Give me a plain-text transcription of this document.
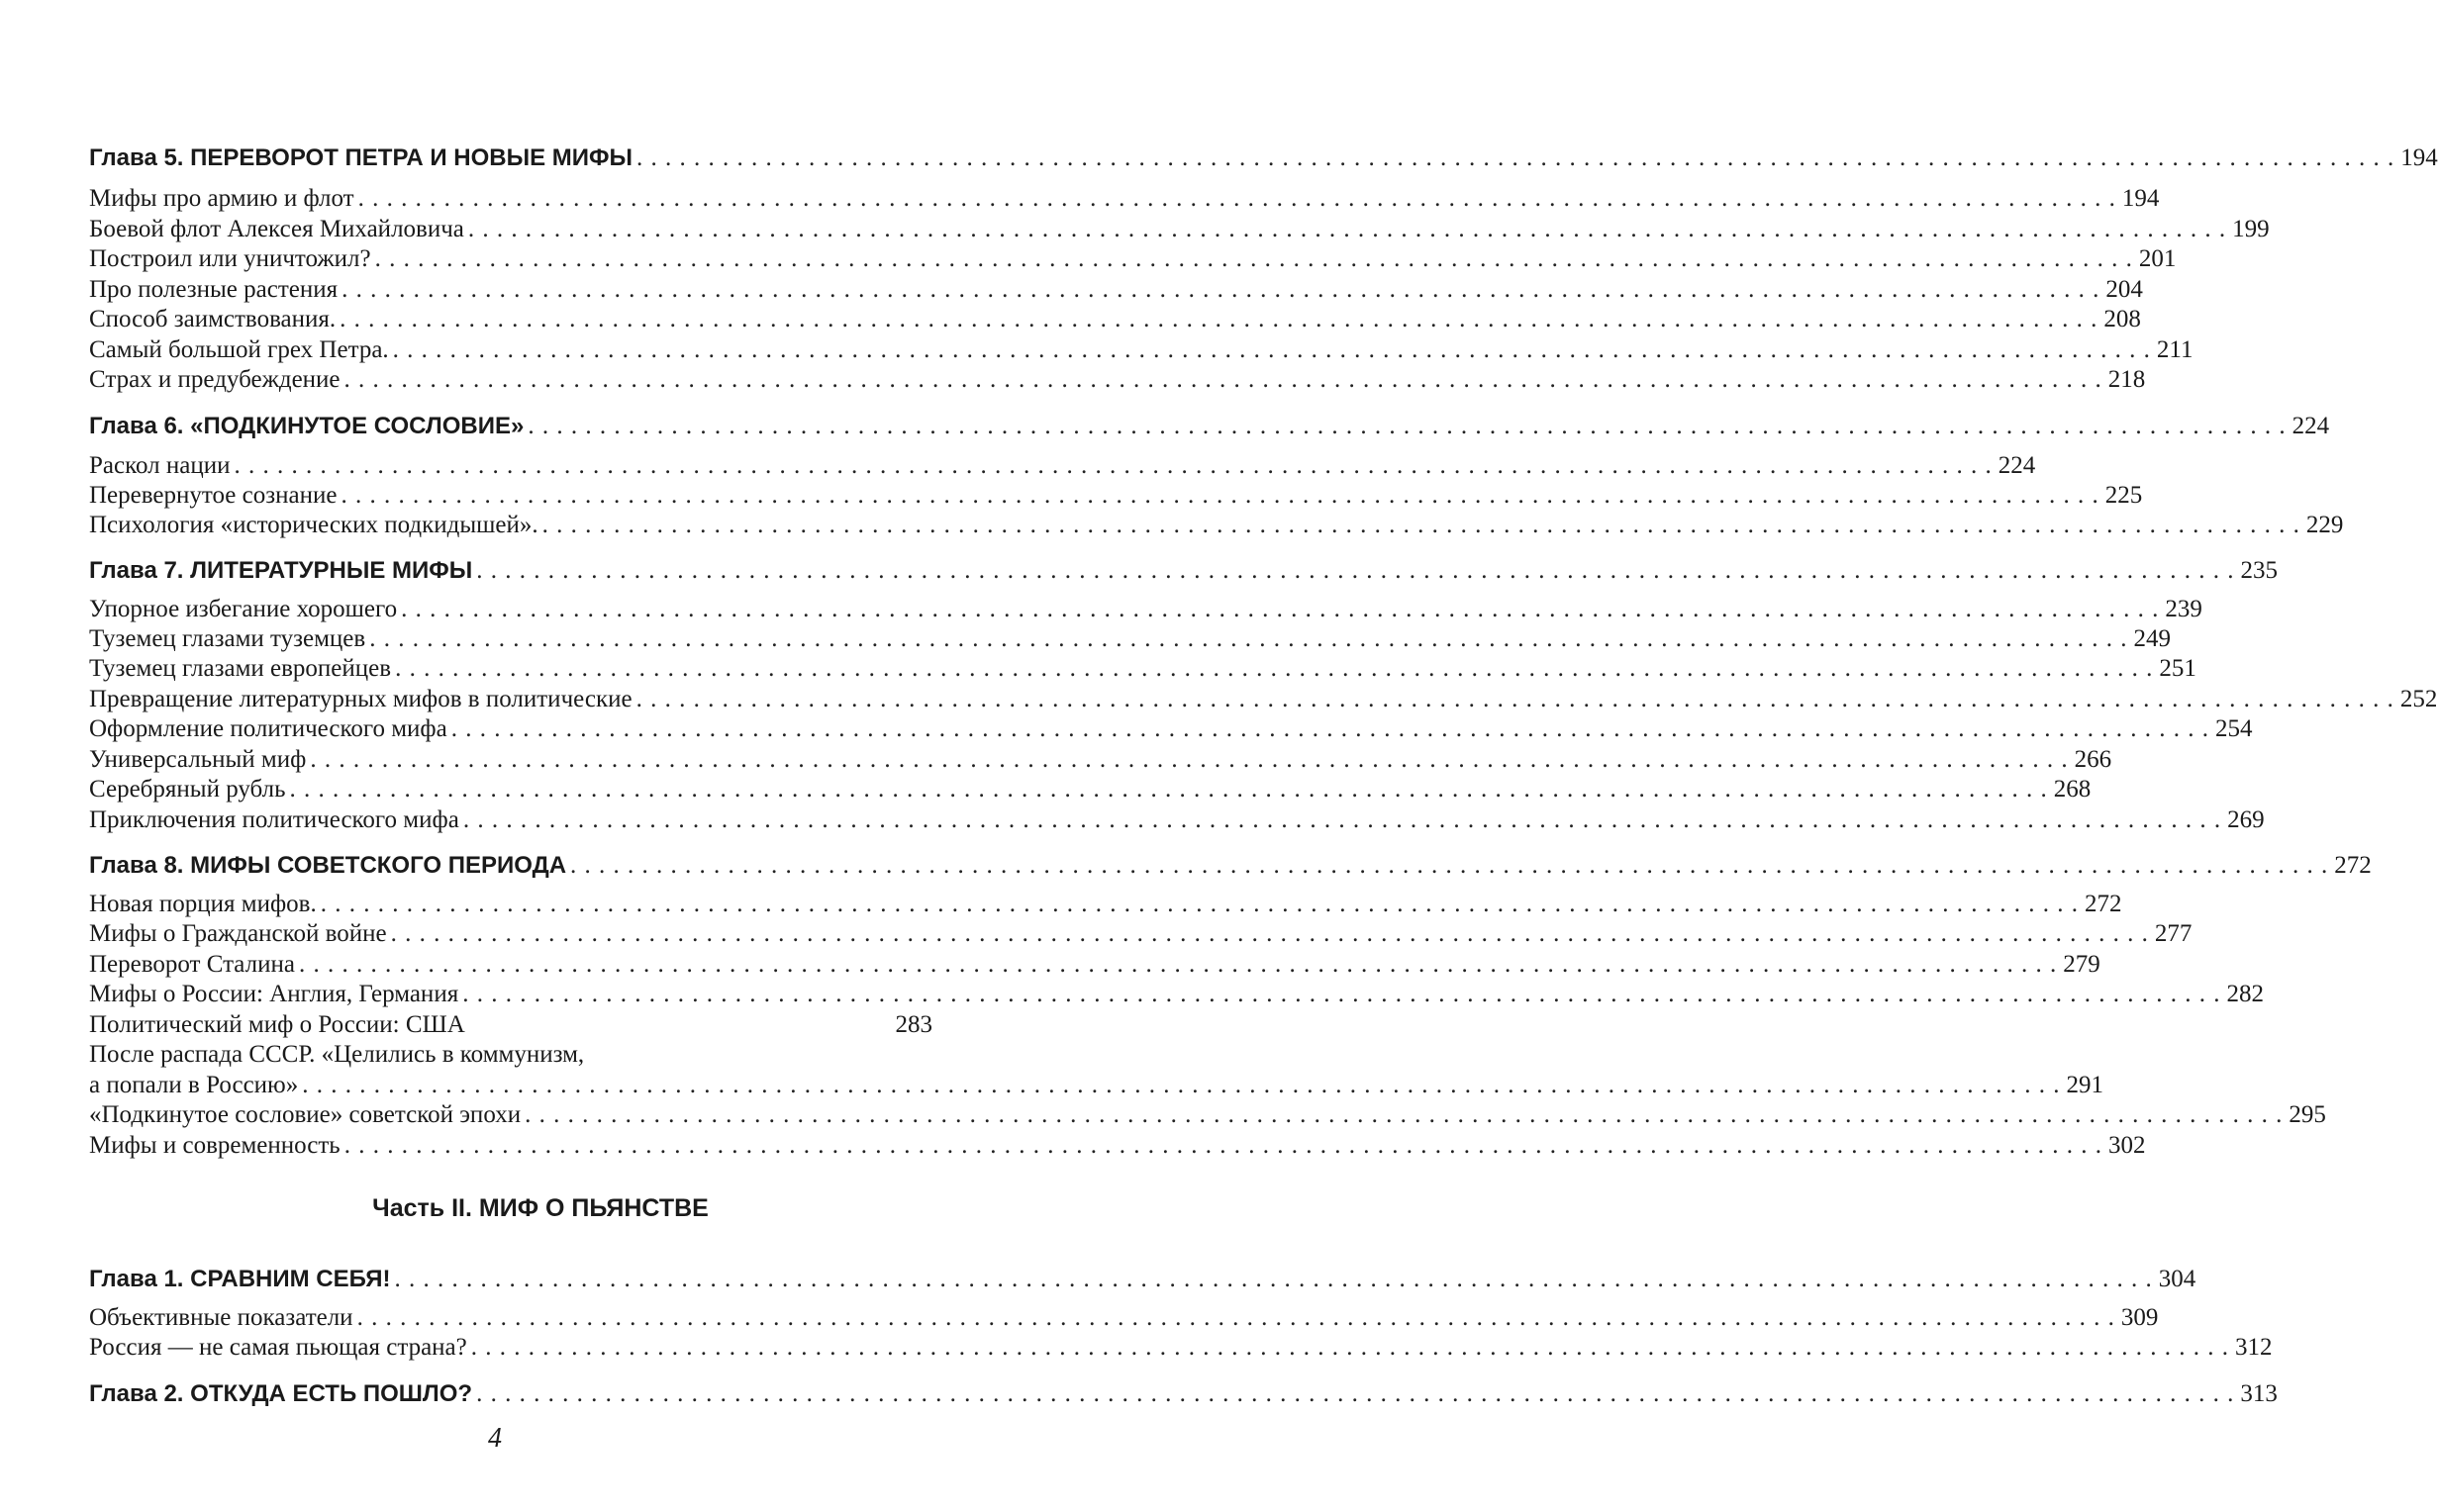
Глава 5. ПЕРЕВОРОТ ПЕТРА И НОВЫЕ МИФЫ . . .	194
Мифы про армию и флот . . .	194
Боевой флот Алексея Михайловича . . .	199
Построил или уничтожил? . . .	201
Про полезные растения . . .	204
Способ заимствования. . . .	208
Самый большой грех Петра. . . .	211
Страх и предубеждение . . .	218
Глава 6. «ПОДКИНУТОЕ СОСЛОВИЕ» . . .	224
Раскол нации . . .	224
Перевернутое сознание . . .	225
Психология «исторических подкидышей». . . .	229
Глава 7. ЛИТЕРАТУРНЫЕ МИФЫ . . .	235
Упорное избегание хорошего . . .	239
Туземец глазами туземцев . . .	249
Туземец глазами европейцев . . .	251
Превращение литературных мифов в политические . . .	252
Оформление политического мифа . . .	254
Универсальный миф . . .	266
Серебряный рубль . . .	268
Приключения политического мифа . . .	269
Глава 8. МИФЫ СОВЕТСКОГО ПЕРИОДА . . .	272
Новая порция мифов. . . .	272
Мифы о Гражданской войне . . .	277
Переворот Сталина . . .	279
Мифы о России: Англия, Германия . . .	282
Политический миф о России: США	283
После распада СССР. «Целились в коммунизм,
а попали в Россию» . . .	291
«Подкинутое сословие» советской эпохи . . .	295
Мифы и современность . . .	302
Часть II. МИФ О ПЬЯНСТВЕ
Глава 1. СРАВНИМ СЕБЯ! . . .	304
Объективные показатели . . .	309
Россия — не самая пьющая страна? . . .	312
Глава 2. ОТКУДА ЕСТЬ ПОШЛО? . . .	313
4
